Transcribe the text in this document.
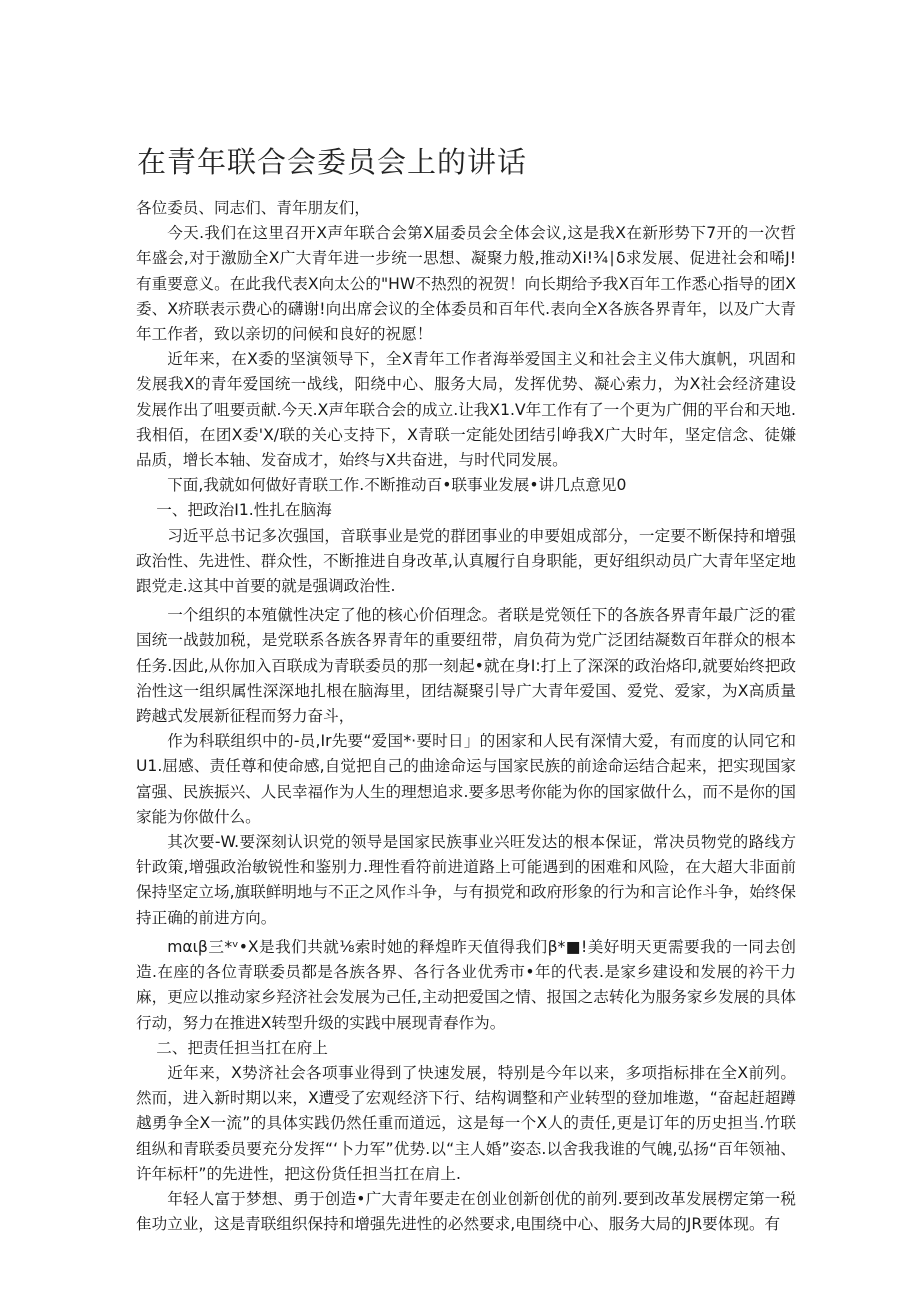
在青年联合会委员会上的讲话

各位委员、同志们、青年朋友们，

今天.我们在这里召开X声年联合会第X届委员会全体会议,这是我X在新形势下7开的一次哲年盛会,对于激励全X广大青年进一步统一思想、凝聚力般,推动Xi!¾∣δ求发展、促进社会和唏J!有重要意义。在此我代表X向太公的"HW不热烈的祝贺！向长期给予我X百年工作悉心指导的团X委、X疥联表示费心的礴谢!向出席会议的全体委员和百年代.表向全X各族各界青年，以及广大青年工作者，致以亲切的问候和良好的祝愿！

近年来，在X委的坚演领导下，全X青年工作者海举爱国主义和社会主义伟大旗帆，巩固和发展我X的青年爱国统一战线，阳绕中心、服务大局，发挥优势、凝心索力，为X社会经济建设发展作出了咀要贡献.今天.X声年联合会的成立.让我X1.V年工作有了一个更为广佣的平台和天地.我相佰，在团X委'X/联的关心支持下，X青联一定能处团结引峥我X广大时年，坚定信念、徒嫌品质，增长本轴、发奋成才，始终与X共奋进，与时代同发展。

下面,我就如何做好青联工作.不断推动百•联事业发展•讲几点意见0

一、把政治I1.性扎在脑海

习近平总书记多次强国，音联事业是党的群团事业的申要姐成部分，一定要不断保持和增强政治性、先进性、群众性，不断推进自身改革,认真履行自身职能，更好组织动员广大青年坚定地跟党走.这其中首要的就是强调政治性.

一个组织的本殖僦性决定了他的核心价佰理念。者联是党领任下的各族各界青年最广泛的霍国统一战鼓加税，是党联系各族各界青年的重要纽带，肩负荷为党广泛团结凝数百年群众的根本任务.因此,从你加入百联成为青联委员的那一刻起•就在身I:打上了深深的政治烙印,就要始终把政治性这一组织属性深深地扎根在脑海里，团结凝聚引导广大青年爱国、爱党、爱家，为X高质量跨越式发展新征程而努力奋斗，

作为科联组织中的-员,Ir先要“爱国*·要时日」的困家和人民有深情大爱，有而度的认同它和U1.屈感、责任尊和使命感,自觉把自己的曲途命运与国家民族的前途命运结合起来，把实现国家富强、民族振兴、人民幸福作为人生的理想追求.要多思考你能为你的国家做什么，而不是你的国家能为你做什么。

其次要-W.要深刻认识党的领导是国家民族事业兴旺发达的根本保证，常决员物党的路线方针政策,增强政治敏锐性和鉴别力.理性看符前进道路上可能遇到的困难和风险，在大超大非面前保持坚定立场,旗联鲜明地与不正之风作斗争，与有损党和政府形象的行为和言论作斗争，始终保持正确的前进方向。

mαιβ三*ᵛ•X是我们共就⅛索时她的释煌昨天值得我们β*■!美好明天更需要我的一同去创造.在座的各位青联委员都是各族各界、各行各业优秀市•年的代表.是家乡建设和发展的衿干力麻，更应以推动家乡羟济社会发展为己任,主动把爱国之情、报国之志转化为服务家乡发展的具体行动，努力在推进X转型升级的实践中展现青春作为。

二、把责任担当扛在府上

近年来，X势济社会各项事业得到了快速发展，特别是今年以来，多项指标排在全X前列。然而，进入新时期以来，X遭受了宏观经济下行、结构调整和产业转型的登加堆遨，“奋起赶超蹲越勇争全X一流”的具体实践仍然任重而道远，这是每一个X人的责任,更是订年的历史担当.竹联组纵和青联委员要充分发挥“‘卜力军”优势.以“主人婚”姿态.以舍我我谁的气魄,弘扬“百年领袖、许年标杆”的先进性，把这份货任担当扛在肩上.

年轻人富于梦想、勇于创造•广大青年要走在创业创新创优的前列.要到改革发展楞定第一税隹功立业，这是青联组织保持和增强先进性的必然要求,电围绕中心、服务大局的JR要体现。有
